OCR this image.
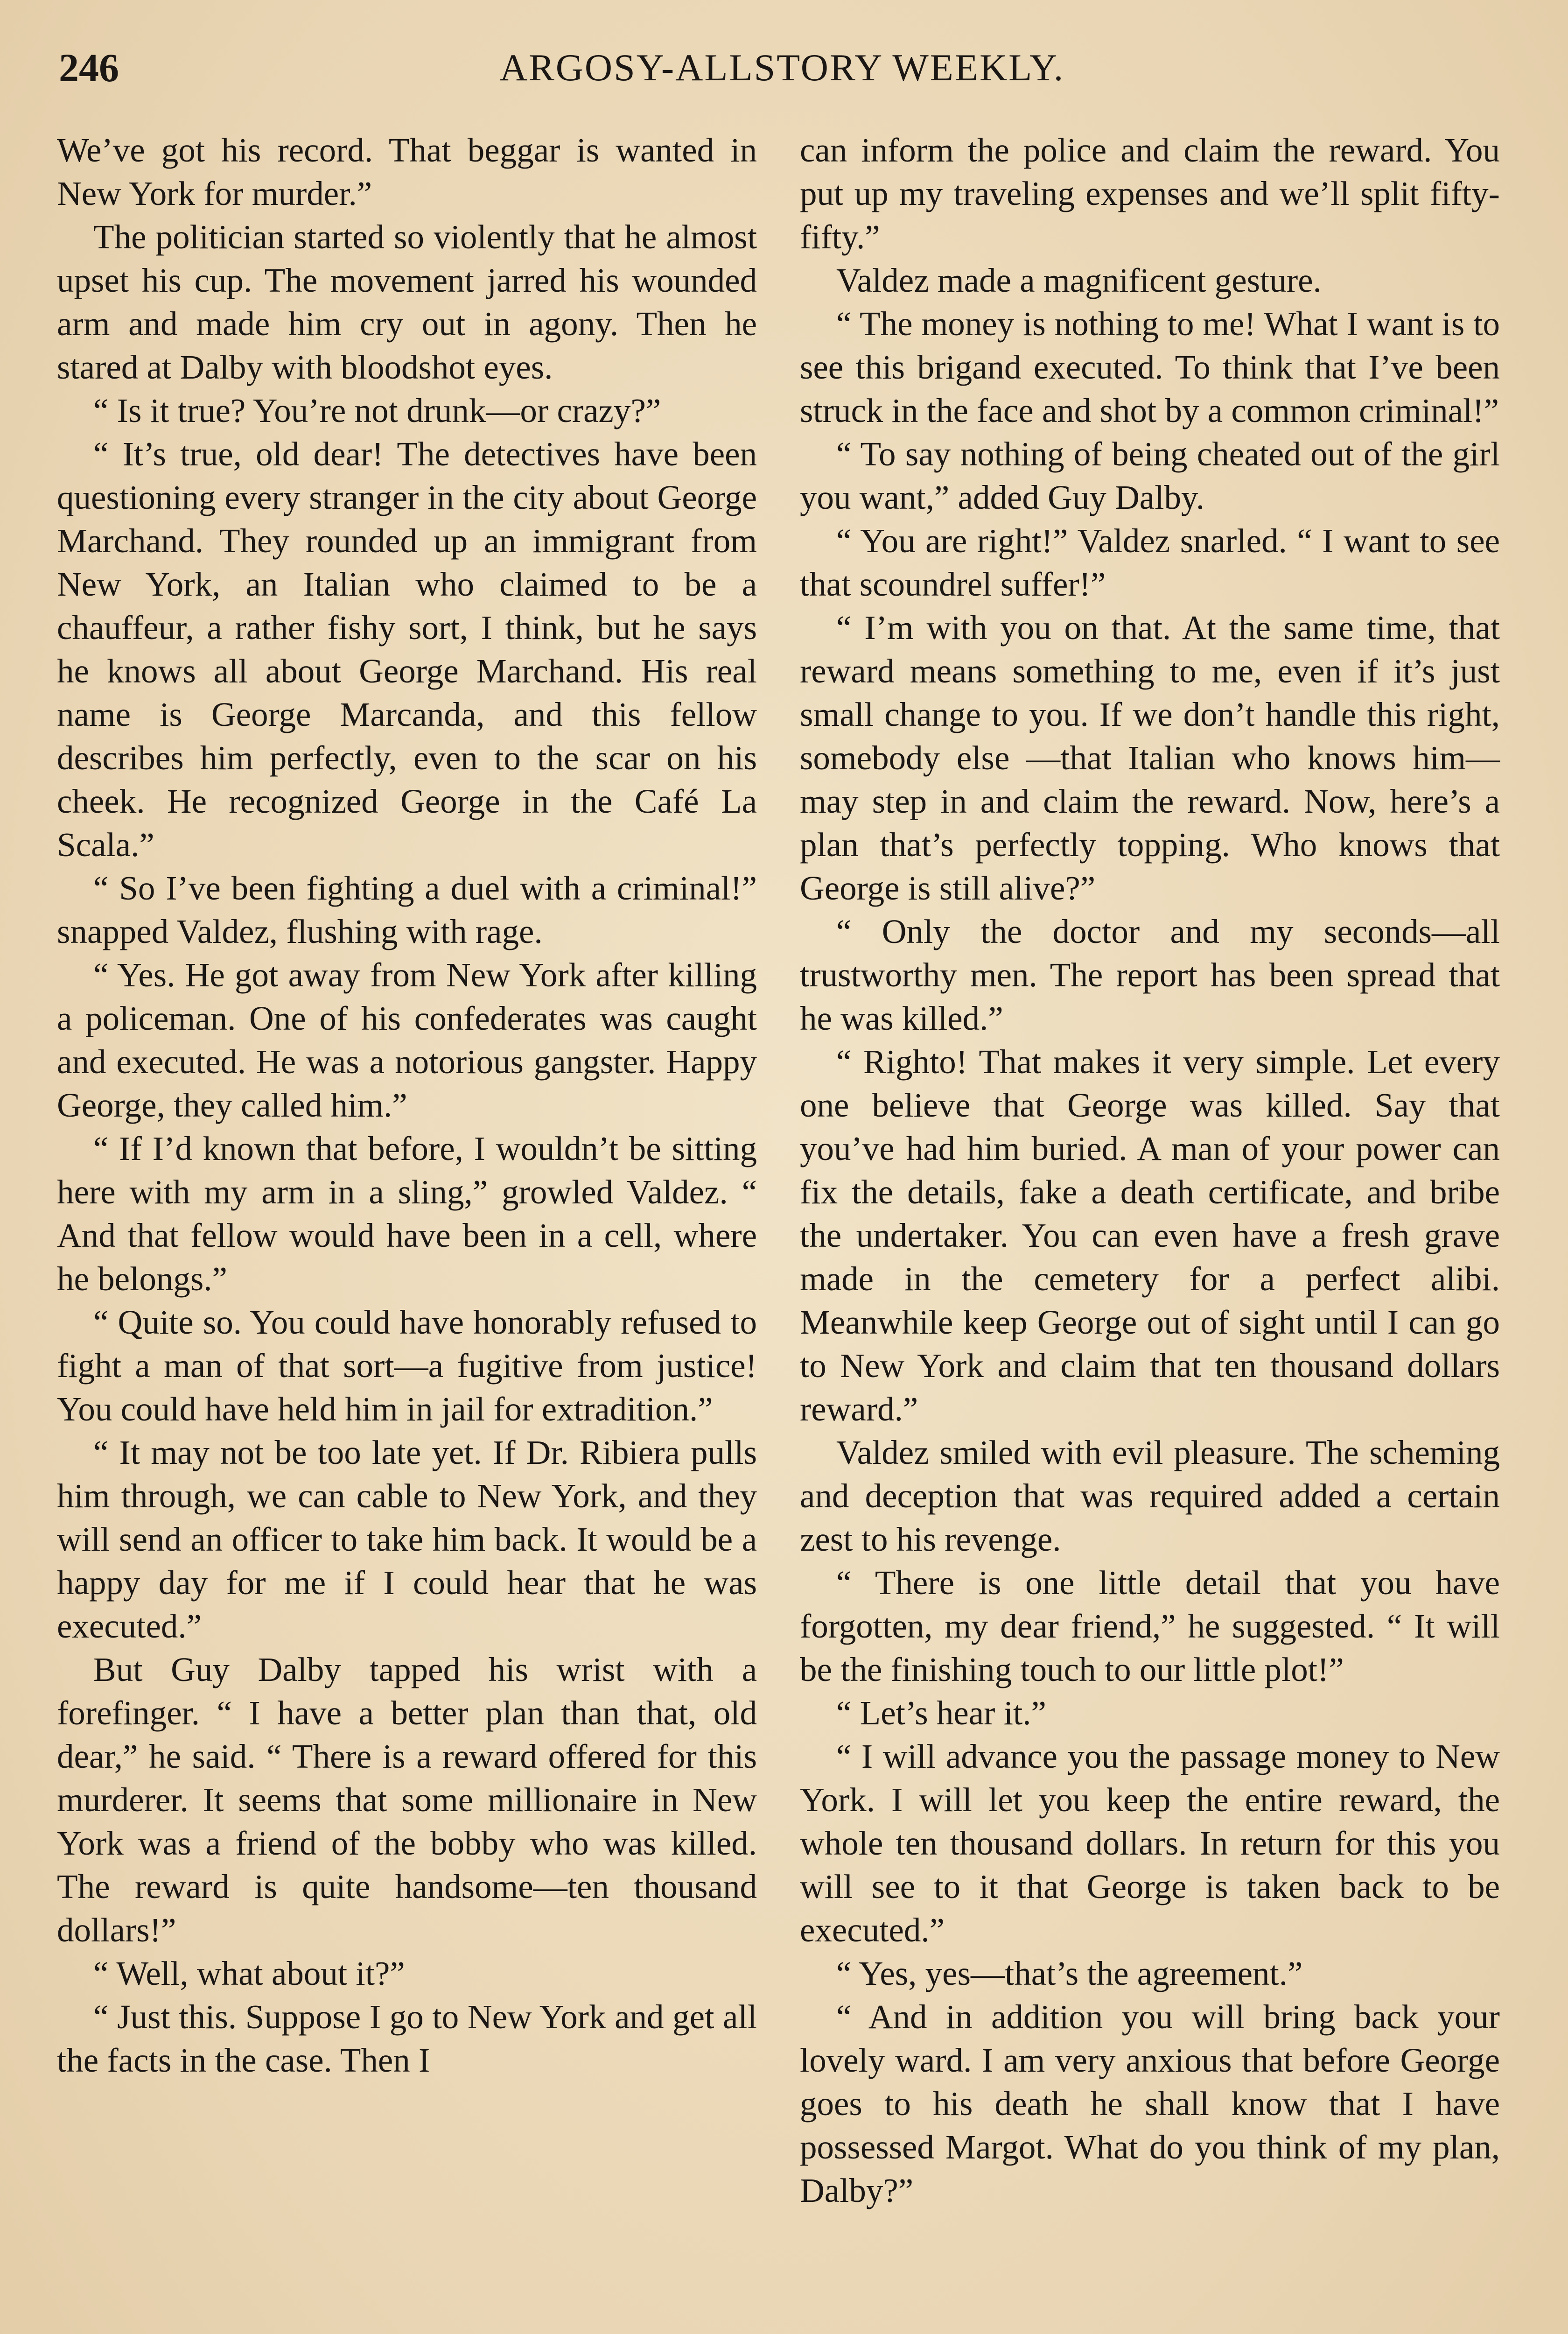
246	ARGOSY-ALLSTORY WEEKLY.

We’ve got his record. That beggar is wanted in New York for murder.”

The politician started so violently that he almost upset his cup. The movement jarred his wounded arm and made him cry out in agony. Then he stared at Dalby with bloodshot eyes.

“ Is it true? You’re not drunk—or crazy?”

“ It’s true, old dear! The detectives have been questioning every stranger in the city about George Marchand. They rounded up an immigrant from New York, an Italian who claimed to be a chauffeur, a rather fishy sort, I think, but he says he knows all about George Marchand. His real name is George Marcanda, and this fellow describes him perfectly, even to the scar on his cheek. He recognized George in the Café La Scala.”

“ So I’ve been fighting a duel with a criminal!” snapped Valdez, flushing with rage.

“ Yes. He got away from New York after killing a policeman. One of his confederates was caught and executed. He was a notorious gangster. Happy George, they called him.”

“ If I’d known that before, I wouldn’t be sitting here with my arm in a sling,” growled Valdez. “ And that fellow would have been in a cell, where he belongs.”

“ Quite so. You could have honorably refused to fight a man of that sort—a fugitive from justice! You could have held him in jail for extradition.”

“ It may not be too late yet. If Dr. Ribiera pulls him through, we can cable to New York, and they will send an officer to take him back. It would be a happy day for me if I could hear that he was executed.”

But Guy Dalby tapped his wrist with a forefinger. “ I have a better plan than that, old dear,” he said. “ There is a reward offered for this murderer. It seems that some millionaire in New York was a friend of the bobby who was killed. The reward is quite handsome—ten thousand dollars!”

“ Well, what about it?”

“ Just this. Suppose I go to New York and get all the facts in the case. Then I

can inform the police and claim the reward. You put up my traveling expenses and we’ll split fifty-fifty.”

Valdez made a magnificent gesture.

“ The money is nothing to me! What I want is to see this brigand executed. To think that I’ve been struck in the face and shot by a common criminal!”

“ To say nothing of being cheated out of the girl you want,” added Guy Dalby.

“ You are right!” Valdez snarled. “ I want to see that scoundrel suffer!”

“ I’m with you on that. At the same time, that reward means something to me, even if it’s just small change to you. If we don’t handle this right, somebody else —that Italian who knows him—may step in and claim the reward. Now, here’s a plan that’s perfectly topping. Who knows that George is still alive?”

“ Only the doctor and my seconds—all trustworthy men. The report has been spread that he was killed.”

“ Righto! That makes it very simple. Let every one believe that George was killed. Say that you’ve had him buried. A man of your power can fix the details, fake a death certificate, and bribe the undertaker. You can even have a fresh grave made in the cemetery for a perfect alibi. Meanwhile keep George out of sight until I can go to New York and claim that ten thousand dollars reward.”

Valdez smiled with evil pleasure. The scheming and deception that was required added a certain zest to his revenge.

“ There is one little detail that you have forgotten, my dear friend,” he suggested. “ It will be the finishing touch to our little plot!”

“ Let’s hear it.”

“ I will advance you the passage money to New York. I will let you keep the entire reward, the whole ten thousand dollars. In return for this you will see to it that George is taken back to be executed.”

“ Yes, yes—that’s the agreement.”

“ And in addition you will bring back your lovely ward. I am very anxious that before George goes to his death he shall know that I have possessed Margot. What do you think of my plan, Dalby?”
